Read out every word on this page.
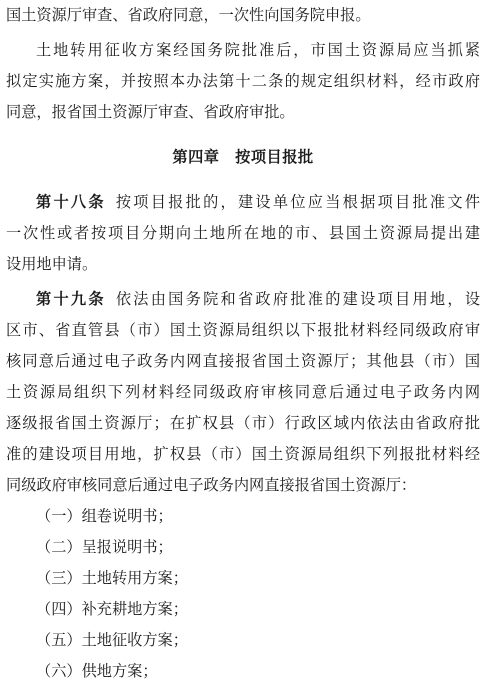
国土资源厅审查、省政府同意，一次性向国务院申报。
土地转用征收方案经国务院批准后，市国土资源局应当抓紧
拟定实施方案，并按照本办法第十二条的规定组织材料，经市政府
同意，报省国土资源厅审查、省政府审批。
第四章　按项目报批
第十八条 按项目报批的，建设单位应当根据项目批准文件
一次性或者按项目分期向土地所在地的市、县国土资源局提出建
设用地申请。
第十九条 依法由国务院和省政府批准的建设项目用地，设
区市、省直管县（市）国土资源局组织以下报批材料经同级政府审
核同意后通过电子政务内网直接报省国土资源厅；其他县（市）国
土资源局组织下列材料经同级政府审核同意后通过电子政务内网
逐级报省国土资源厅；在扩权县（市）行政区域内依法由省政府批
准的建设项目用地，扩权县（市）国土资源局组织下列报批材料经
同级政府审核同意后通过电子政务内网直接报省国土资源厅：
（一）组卷说明书；
（二）呈报说明书；
（三）土地转用方案；
（四）补充耕地方案；
（五）土地征收方案；
（六）供地方案；
